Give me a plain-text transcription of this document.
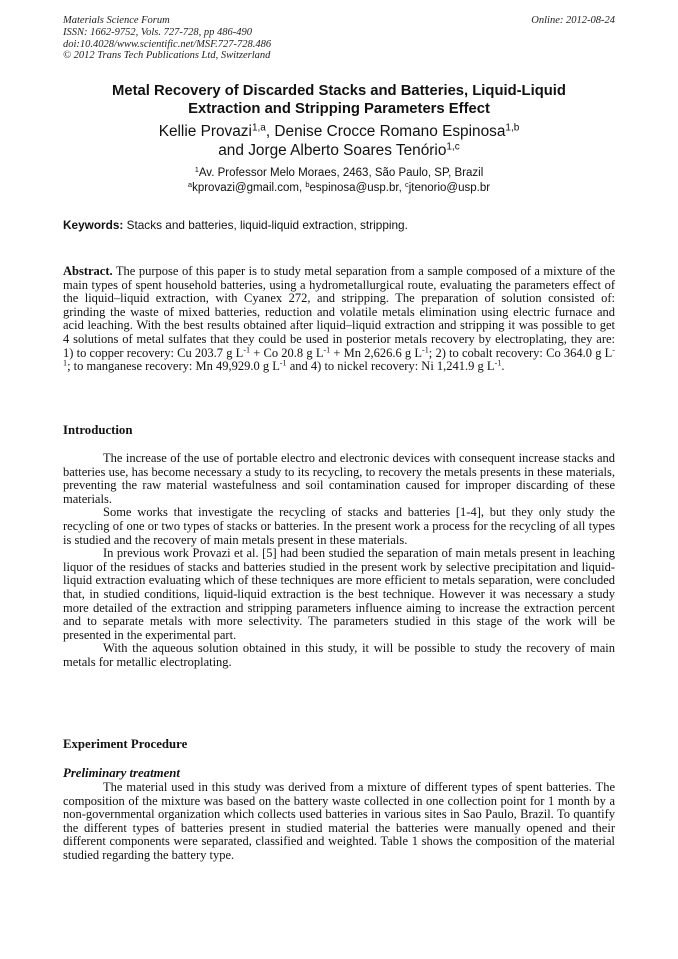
Materials Science Forum
ISSN: 1662-9752, Vols. 727-728, pp 486-490
doi:10.4028/www.scientific.net/MSF.727-728.486
© 2012 Trans Tech Publications Ltd, Switzerland
Online: 2012-08-24
Metal Recovery of Discarded Stacks and Batteries, Liquid-Liquid
Extraction and Stripping Parameters Effect
Kellie Provazi$^{1,a}$, Denise Crocce Romano Espinosa$^{1,b}$
and Jorge Alberto Soares Tenório$^{1,c}$
$^1$Av. Professor Melo Moraes, 2463, São Paulo, SP, Brazil
$^a$kprovazi@gmail.com, $^b$espinosa@usp.br, $^c$jtenorio@usp.br
Keywords: Stacks and batteries, liquid-liquid extraction, stripping.
Abstract. The purpose of this paper is to study metal separation from a sample composed of a mixture of the main types of spent household batteries, using a hydrometallurgical route, evaluating the parameters effect of the liquid–liquid extraction, with Cyanex 272, and stripping. The preparation of solution consisted of: grinding the waste of mixed batteries, reduction and volatile metals elimination using electric furnace and acid leaching. With the best results obtained after liquid–liquid extraction and stripping it was possible to get 4 solutions of metal sulfates that they could be used in posterior metals recovery by electroplating, they are: 1) to copper recovery: Cu 203.7 g $L^{-1} + Co$ 20.8 g $L^{-1} + Mn$ 2,626.6 g $L^{-1}$; 2) to cobalt recovery: Co 364.0 g $L^{-1}$; to manganese recovery: Mn 49,929.0 g $L^{-1}$ and 4) to nickel recovery: Ni 1,241.9 g $L^{-1}$.
Introduction

The increase of the use of portable electro and electronic devices with consequent increase stacks and batteries use, has become necessary a study to its recycling, to recovery the metals presents in these materials, preventing the raw material wastefulness and soil contamination caused for improper discarding of these materials.

Some works that investigate the recycling of stacks and batteries [1-4], but they only study the recycling of one or two types of stacks or batteries. In the present work a process for the recycling of all types is studied and the recovery of main metals present in these materials.

In previous work Provazi et al. [5] had been studied the separation of main metals present in leaching liquor of the residues of stacks and batteries studied in the present work by selective precipitation and liquid-liquid extraction evaluating which of these techniques are more efficient to metals separation, were concluded that, in studied conditions, liquid-liquid extraction is the best technique. However it was necessary a study more detailed of the extraction and stripping parameters influence aiming to increase the extraction percent and to separate metals with more selectivity. The parameters studied in this stage of the work will be presented in the experimental part.

With the aqueous solution obtained in this study, it will be possible to study the recovery of main metals for metallic electroplating.

Experiment Procedure
Preliminary treatment

The material used in this study was derived from a mixture of different types of spent batteries. The composition of the mixture was based on the battery waste collected in one collection point for 1 month by a non-governmental organization which collects used batteries in various sites in Sao Paulo, Brazil. To quantify the different types of batteries present in studied material the batteries were manually opened and their different components were separated, classified and weighted. Table 1 shows the composition of the material studied regarding the battery type.
